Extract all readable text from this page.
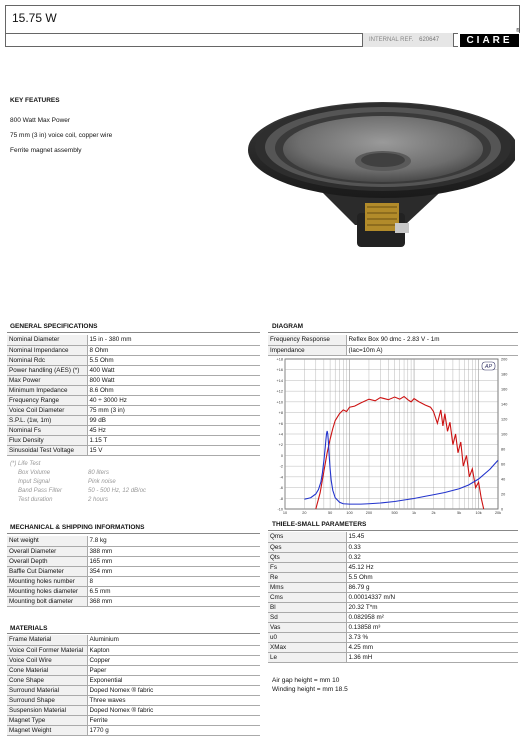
15.75 W
INTERNAL REF. 620647	CIARE
®
KEY FEATURES
800 Watt Max Power
75 mm (3 in) voice coil, copper wire
Ferrite magnet assembly
GENERAL SPECIFICATIONS
Nominal Diameter	15 in - 380 mm
Nominal Impendance	8 Ohm
Nominal Rdc	5.5 Ohm
Power handling (AES) (*)	400 Watt
Max Power	800 Watt
Minimum Impedance	8.6 Ohm
Frequency Range	40 ÷ 3000 Hz
Voice Coil Diameter	75 mm (3 in)
S.P.L. (1w, 1m)	99 dB
Nominal Fs	45 Hz
Flux Density	1.15 T
Sinusoidal Test Voltage	15 V
(*) Life Test
Box Volume	80 liters
Input Signal	Pink noise
Band Pass Filter	50 - 500 Hz, 12 dB/oc
Test duration	2 hours
MECHANICAL & SHIPPING INFORMATIONS
Net weight	7.8 kg
Overall Diameter	388 mm
Overall Depth	165 mm
Baffle Cut Diameter	354 mm
Mounting holes number	8
Mounting holes diameter	6.5 mm
Mounting bolt diameter	368 mm
MATERIALS
Frame Material	Aluminium
Voice Coil Former Material	Kapton
Voice Coil Wire	Copper
Cone Material	Paper
Cone Shape	Exponential
Surround Material	Doped Nomex ® fabric
Surround Shape	Three waves
Suspension Material	Doped Nomex ® fabric
Magnet Type	Ferrite
Magnet Weight	1770 g
DIAGRAM
Frequency Response	Reflex Box 90 dmc - 2.83 V - 1m
Impendance	(Iac=10m A)
+18
+16
+14
+12
+10
+8
+6
+4
+2
0
-2
-4
-6
-8
-10
200
180
160
140
120
100
80
60
40
20
0
10	20	50	100	200	500	1k	2k	5k	10k	20k
AP
THIELE-SMALL PARAMETERS
Qms	15.45
Qes	0.33
Qts	0.32
Fs	45.12 Hz
Re	5.5 Ohm
Mms	86.79 g
Cms	0.00014337 m/N
Bl	20.32 T*m
Sd	0.082958 m²
Vas	0.13858 m³
u0	3.73 %
XMax	4.25 mm
Le	1.36 mH
Air gap height = mm 10
Winding height = mm 18.5
